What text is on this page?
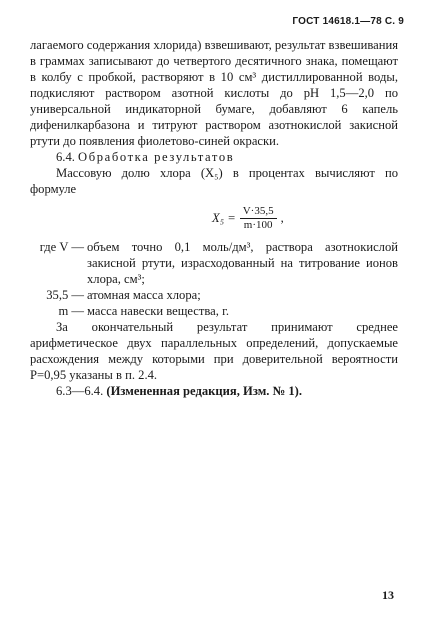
ГОСТ 14618.1—78 С. 9

лагаемого содержания хлорида) взвешивают, результат взвешивания в граммах записывают до четвертого десятичного знака, помещают в колбу с пробкой, растворяют в 10 см³ дистиллированной воды, подкисляют раствором азотной кислоты до pH 1,5—2,0 по универсальной индикаторной бумаге, добавляют 6 капель дифенилкарбазона и титруют раствором азотнокислой закисной ртути до появления фиолетово-синей окраски.

6.4. Обработка результатов

Массовую долю хлора (X₅) в процентах вычисляют по формуле

$X_5 = \frac{V\cdot 35,5}{m\cdot 100}$ ,
где V — объем точно 0,1 моль/дм³, раствора азотнокислой закисной ртути, израсходованный на титрование ионов хлора, см³;
35,5 — атомная масса хлора;
m — масса навески вещества, г.

За окончательный результат принимают среднее арифметическое двух параллельных определений, допускаемые расхождения между которыми при доверительной вероятности P=0,95 указаны в п. 2.4.

6.3—6.4. (Измененная редакция, Изм. № 1).

13
